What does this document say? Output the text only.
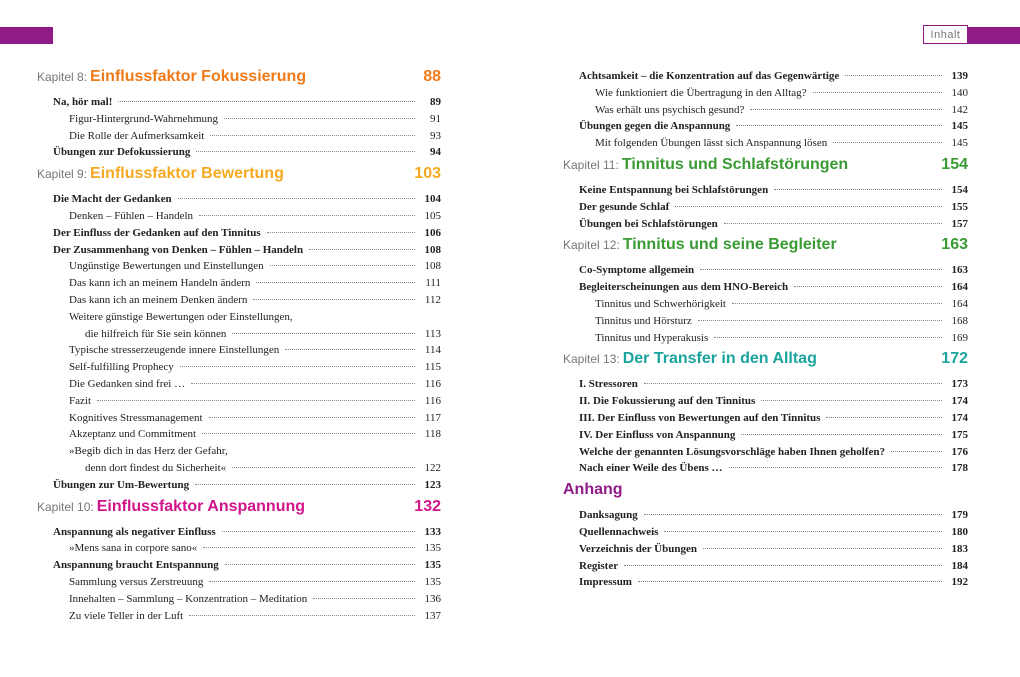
Inhalt
Kapitel 8: Einflussfaktor Fokussierung	88
Na, hör mal!	89
Figur-Hintergrund-Wahrnehmung	91
Die Rolle der Aufmerksamkeit	93
Übungen zur Defokussierung	94
Kapitel 9: Einflussfaktor Bewertung	103
Die Macht der Gedanken	104
Denken – Fühlen – Handeln	105
Der Einfluss der Gedanken auf den Tinnitus	106
Der Zusammenhang von Denken – Fühlen – Handeln	108
Ungünstige Bewertungen und Einstellungen	108
Das kann ich an meinem Handeln ändern	111
Das kann ich an meinem Denken ändern	112
Weitere günstige Bewertungen oder Einstellungen,
die hilfreich für Sie sein können	113
Typische stresserzeugende innere Einstellungen	114
Self-fulfilling Prophecy	115
Die Gedanken sind frei …	116
Fazit	116
Kognitives Stressmanagement	117
Akzeptanz und Commitment	118
»Begib dich in das Herz der Gefahr,
denn dort findest du Sicherheit«	122
Übungen zur Um-Bewertung	123
Kapitel 10: Einflussfaktor Anspannung	132
Anspannung als negativer Einfluss	133
»Mens sana in corpore sano«	135
Anspannung braucht Entspannung	135
Sammlung versus Zerstreuung	135
Innehalten – Sammlung – Konzentration – Meditation	136
Zu viele Teller in der Luft	137
Achtsamkeit – die Konzentration auf das Gegenwärtige	139
Wie funktioniert die Übertragung in den Alltag?	140
Was erhält uns psychisch gesund?	142
Übungen gegen die Anspannung	145
Mit folgenden Übungen lässt sich Anspannung lösen	145
Kapitel 11: Tinnitus und Schlafstörungen	154
Keine Entspannung bei Schlafstörungen	154
Der gesunde Schlaf	155
Übungen bei Schlafstörungen	157
Kapitel 12: Tinnitus und seine Begleiter	163
Co-Symptome allgemein	163
Begleiterscheinungen aus dem HNO-Bereich	164
Tinnitus und Schwerhörigkeit	164
Tinnitus und Hörsturz	168
Tinnitus und Hyperakusis	169
Kapitel 13: Der Transfer in den Alltag	172
I. Stressoren	173
II. Die Fokussierung auf den Tinnitus	174
III. Der Einfluss von Bewertungen auf den Tinnitus	174
IV. Der Einfluss von Anspannung	175
Welche der genannten Lösungsvorschläge haben Ihnen geholfen?	176
Nach einer Weile des Übens …	178
Anhang
Danksagung	179
Quellennachweis	180
Verzeichnis der Übungen	183
Register	184
Impressum	192
